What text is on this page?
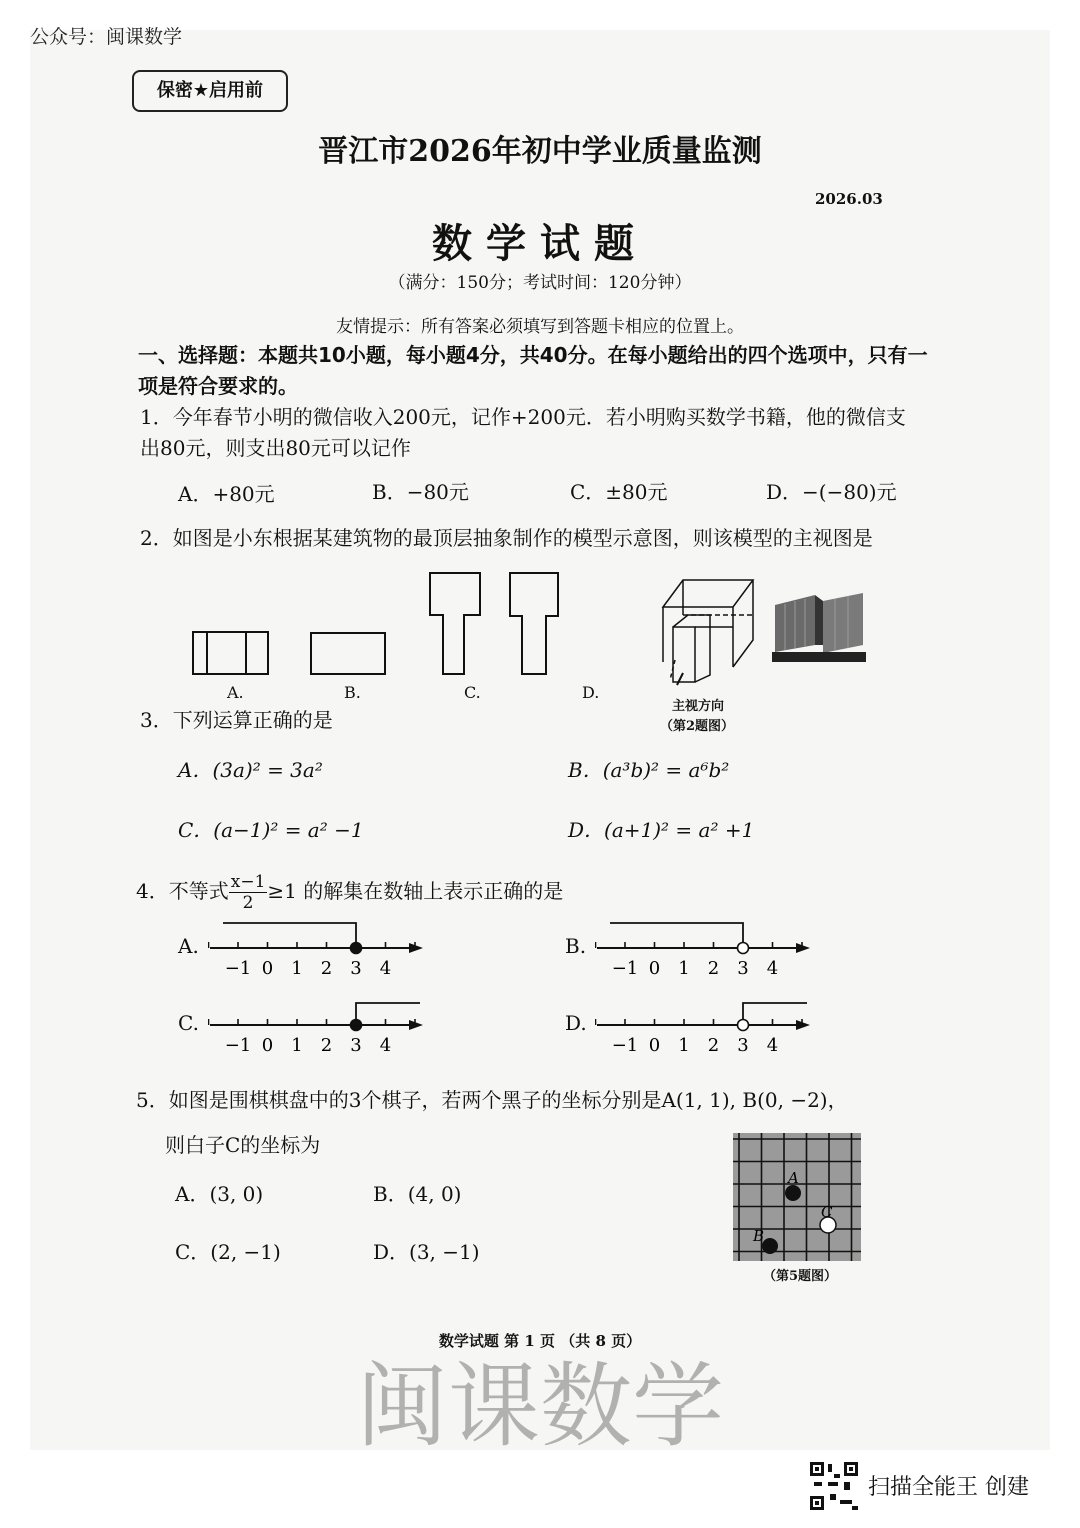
公众号：闽课数学
保密★启用前
晋江市2026年初中学业质量监测
2026.03
数学试题
（满分：150分；考试时间：120分钟）
友情提示：所有答案必须填写到答题卡相应的位置上。
一、选择题：本题共10小题，每小题4分，共40分。在每小题给出的四个选项中，只有一项是符合要求的。
1．今年春节小明的微信收入200元，记作+200元．若小明购买数学书籍，他的微信支出80元，则支出80元可以记作
A．+80元	B．−80元	C．±80元	D．−(−80)元
2．如图是小东根据某建筑物的最顶层抽象制作的模型示意图，则该模型的主视图是
A.	B.	C.	D.
主视方向
（第2题图）
3．下列运算正确的是
A．(3a)² = 3a²	B．(a³b)² = a⁶b²
C．(a−1)² = a² −1	D．(a+1)² = a² +1
4．不等式 $\frac{x-1}{2} \ge 1$ 的解集在数轴上表示正确的是
A.
−1 0 1 2 3 4
B.
−1 0 1 2 3 4
C.
−1 0 1 2 3 4
D.
−1 0 1 2 3 4
5．如图是围棋棋盘中的3个棋子，若两个黑子的坐标分别是A(1, 1), B(0, −2)，
则白子C的坐标为
A．(3, 0)	B．(4, 0)
C．(2, −1)	D．(3, −1)
A
B
C
（第5题图）
数学试题 第 1 页 （共 8 页）
闽课数学
扫描全能王 创建
